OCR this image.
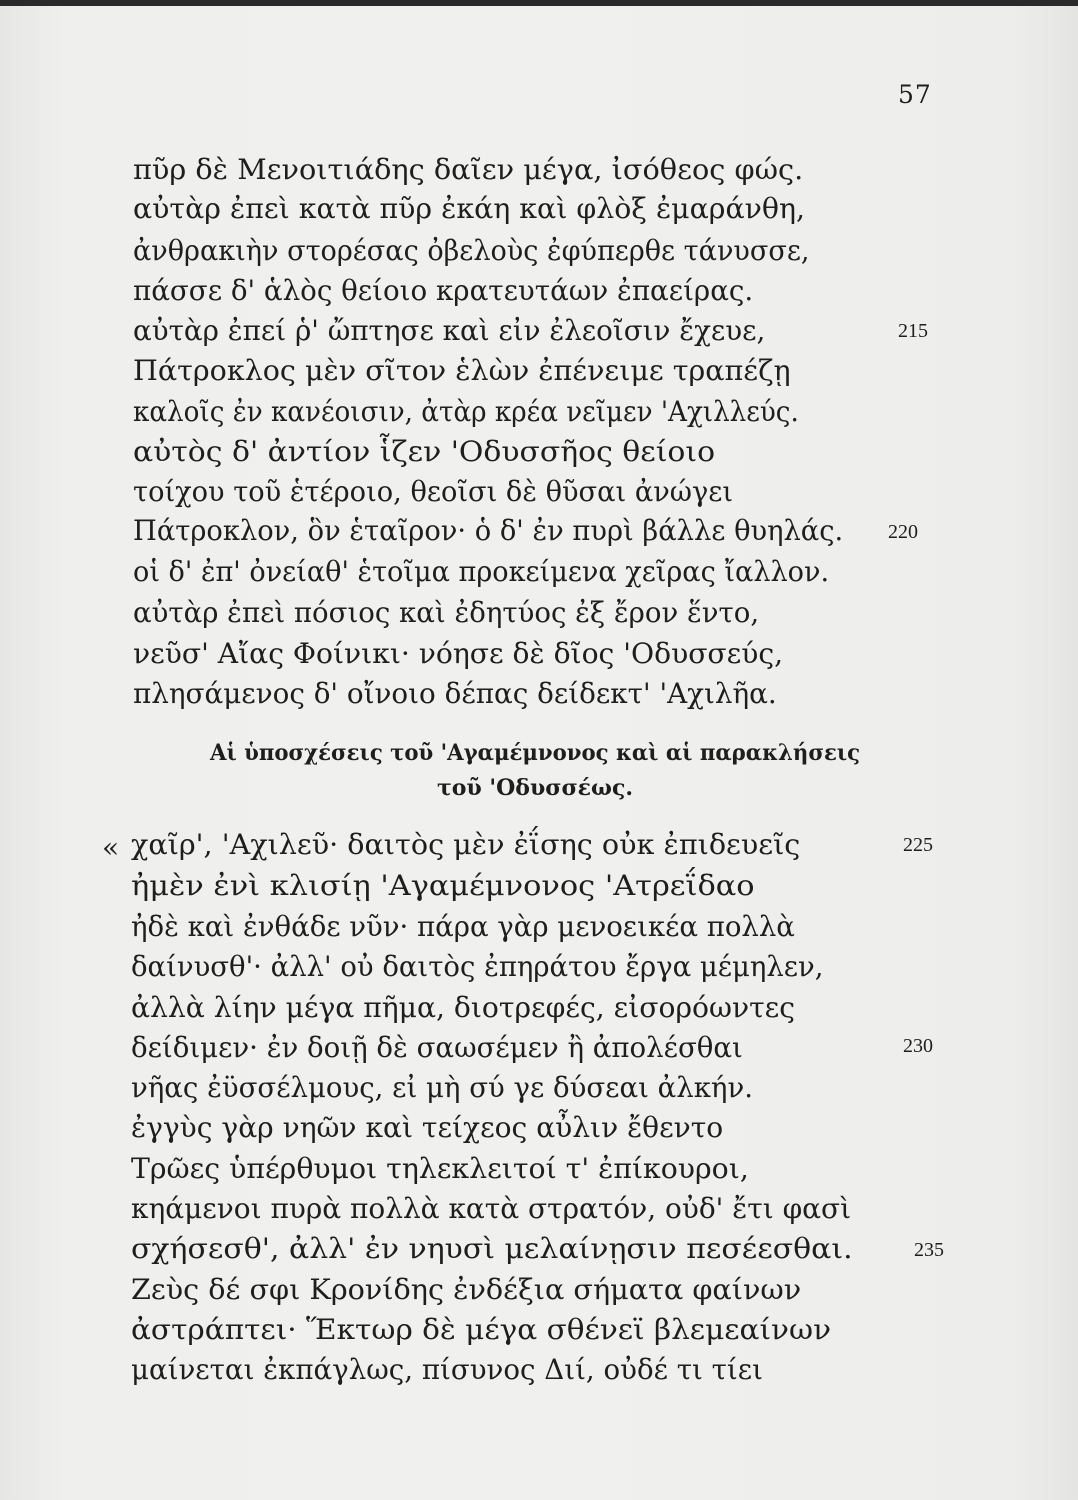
57
πῦρ δὲ Μενοιτιάδης δαῖεν μέγα, ἰσόθεος φώς.
αὐτὰρ ἐπεὶ κατὰ πῦρ ἐκάη καὶ φλὸξ ἐμαράνθη,
ἀνθρακιὴν στορέσας ὀβελοὺς ἐφύπερθε τάνυσσε,
πάσσε δ' ἁλὸς θείοιο κρατευτάων ἐπαείρας.
αὐτὰρ ἐπεί ῥ' ὤπτησε καὶ εἰν ἐλεοῖσιν ἔχευε,	215
Πάτροκλος μὲν σῖτον ἑλὼν ἐπένειμε τραπέζῃ
καλοῖς ἐν κανέοισιν, ἀτὰρ κρέα νεῖμεν 'Αχιλλεύς.
αὐτὸς δ' ἀντίον ἷζεν 'Οδυσσῆος θείοιο
τοίχου τοῦ ἑτέροιο, θεοῖσι δὲ θῦσαι ἀνώγει
Πάτροκλον, ὃν ἑταῖρον· ὁ δ' ἐν πυρὶ βάλλε θυηλάς. 220
οἱ δ' ἐπ' ὀνείαθ' ἑτοῖμα προκείμενα χεῖρας ἴαλλον.
αὐτὰρ ἐπεὶ πόσιος καὶ ἐδητύος ἐξ ἔρον ἕντο,
νεῦσ' Αἴας Φοίνικι· νόησε δὲ δῖος 'Οδυσσεύς,
πλησάμενος δ' οἴνοιο δέπας δείδεκτ' 'Αχιλῆα.
Αἱ ὑποσχέσεις τοῦ 'Αγαμέμνονος καὶ αἱ παρακλήσεις
τοῦ 'Οδυσσέως.
« χαῖρ', 'Αχιλεῦ· δαιτὸς μὲν ἐΐσης οὐκ ἐπιδευεῖς	225
ἠμὲν ἐνὶ κλισίῃ 'Αγαμέμνονος 'Ατρεΐδαο
ἠδὲ καὶ ἐνθάδε νῦν· πάρα γὰρ μενοεικέα πολλὰ
δαίνυσθ'· ἀλλ' οὐ δαιτὸς ἐπηράτου ἔργα μέμηλεν,
ἀλλὰ λίην μέγα πῆμα, διοτρεφές, εἰσορόωντες
δείδιμεν· ἐν δοιῇ δὲ σαωσέμεν ἢ ἀπολέσθαι	230
νῆας ἐϋσσέλμους, εἰ μὴ σύ γε δύσεαι ἀλκήν.
ἐγγὺς γὰρ νηῶν καὶ τείχεος αὖλιν ἔθεντο
Τρῶες ὑπέρθυμοι τηλεκλειτοί τ' ἐπίκουροι,
κηάμενοι πυρὰ πολλὰ κατὰ στρατόν, οὐδ' ἔτι φασὶ
σχήσεσθ', ἀλλ' ἐν νηυσὶ μελαίνῃσιν πεσέεσθαι.	235
Ζεὺς δέ σφι Κρονίδης ἐνδέξια σήματα φαίνων
ἀστράπτει· Ἕκτωρ δὲ μέγα σθένεϊ βλεμεαίνων
μαίνεται ἐκπάγλως, πίσυνος Διί, οὐδέ τι τίει
